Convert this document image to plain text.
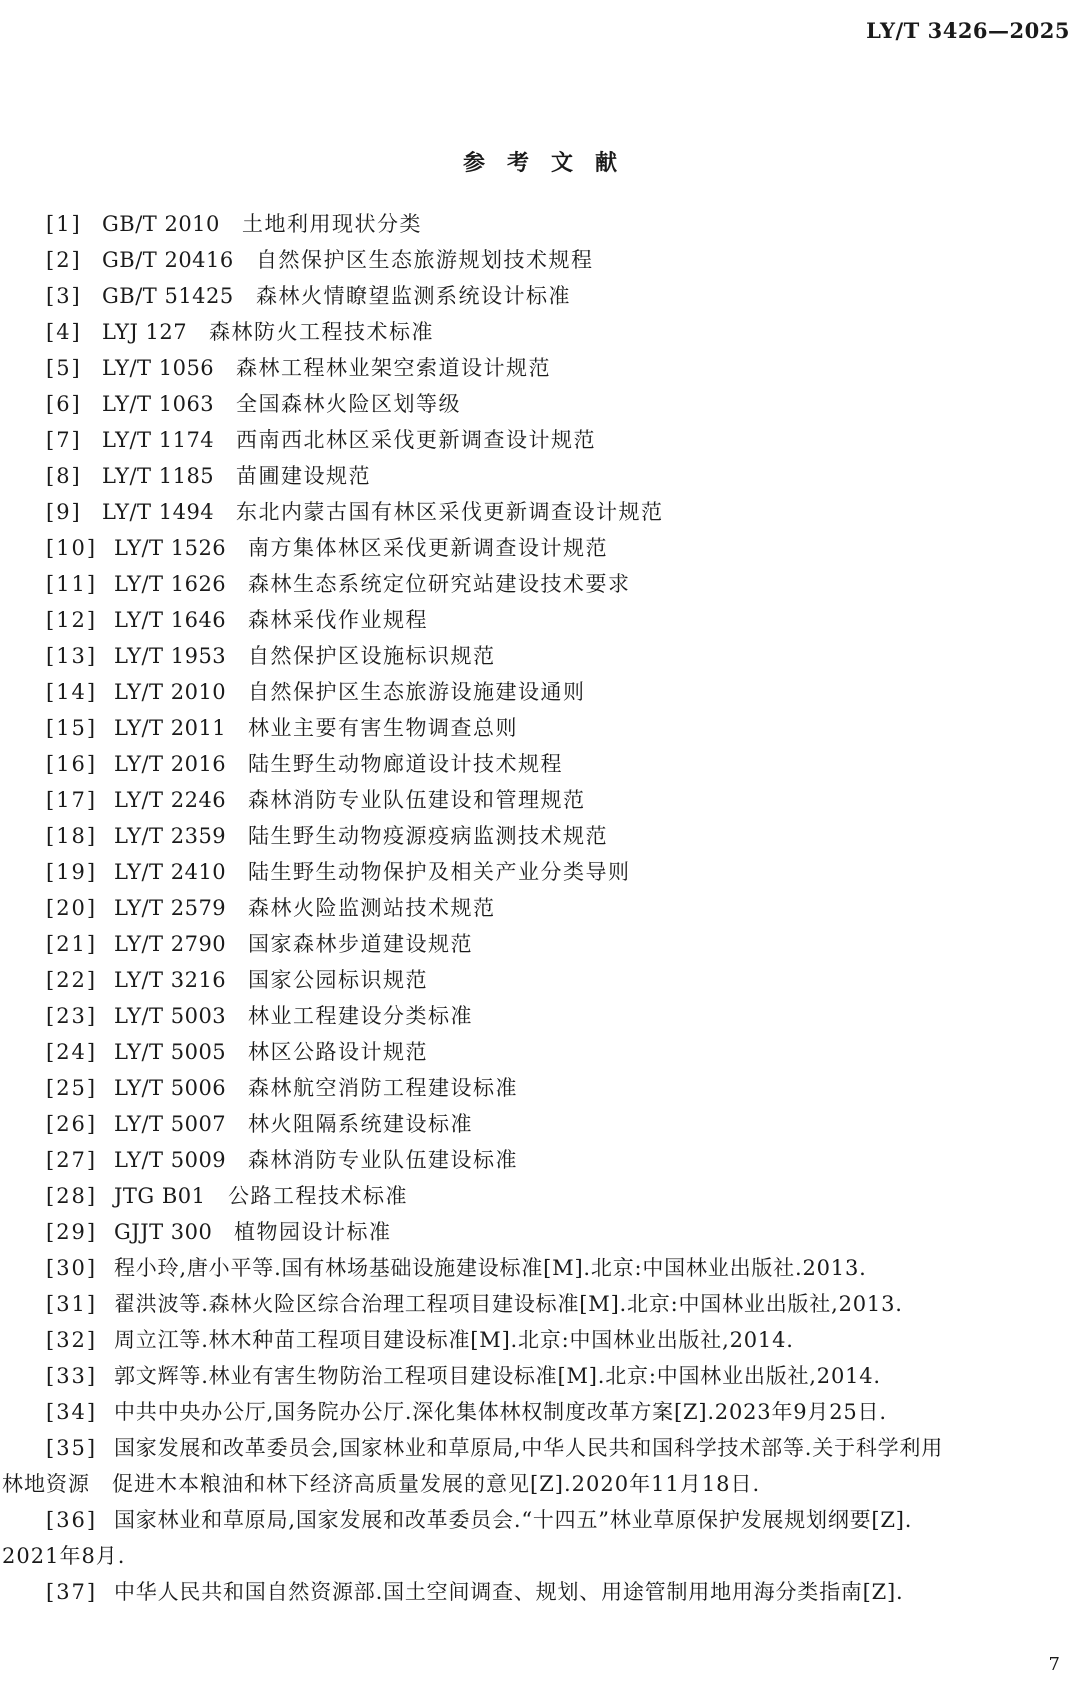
LY/T 3426—2025
参考文献
[1] GB/T 2010 土地利用现状分类
[2] GB/T 20416 自然保护区生态旅游规划技术规程
[3] GB/T 51425 森林火情瞭望监测系统设计标准
[4] LYJ 127 森林防火工程技术标准
[5] LY/T 1056 森林工程林业架空索道设计规范
[6] LY/T 1063 全国森林火险区划等级
[7] LY/T 1174 西南西北林区采伐更新调查设计规范
[8] LY/T 1185 苗圃建设规范
[9] LY/T 1494 东北内蒙古国有林区采伐更新调查设计规范
[10] LY/T 1526 南方集体林区采伐更新调查设计规范
[11] LY/T 1626 森林生态系统定位研究站建设技术要求
[12] LY/T 1646 森林采伐作业规程
[13] LY/T 1953 自然保护区设施标识规范
[14] LY/T 2010 自然保护区生态旅游设施建设通则
[15] LY/T 2011 林业主要有害生物调查总则
[16] LY/T 2016 陆生野生动物廊道设计技术规程
[17] LY/T 2246 森林消防专业队伍建设和管理规范
[18] LY/T 2359 陆生野生动物疫源疫病监测技术规范
[19] LY/T 2410 陆生野生动物保护及相关产业分类导则
[20] LY/T 2579 森林火险监测站技术规范
[21] LY/T 2790 国家森林步道建设规范
[22] LY/T 3216 国家公园标识规范
[23] LY/T 5003 林业工程建设分类标准
[24] LY/T 5005 林区公路设计规范
[25] LY/T 5006 森林航空消防工程建设标准
[26] LY/T 5007 林火阻隔系统建设标准
[27] LY/T 5009 森林消防专业队伍建设标准
[28] JTG B01 公路工程技术标准
[29] GJJT 300 植物园设计标准
[30] 程小玲,唐小平等.国有林场基础设施建设标准[M].北京:中国林业出版社.2013.
[31] 翟洪波等.森林火险区综合治理工程项目建设标准[M].北京:中国林业出版社,2013.
[32] 周立江等.林木种苗工程项目建设标准[M].北京:中国林业出版社,2014.
[33] 郭文辉等.林业有害生物防治工程项目建设标准[M].北京:中国林业出版社,2014.
[34] 中共中央办公厅,国务院办公厅.深化集体林权制度改革方案[Z].2023年9月25日.
[35] 国家发展和改革委员会,国家林业和草原局,中华人民共和国科学技术部等.关于科学利用
林地资源　促进木本粮油和林下经济高质量发展的意见[Z].2020年11月18日.
[36] 国家林业和草原局,国家发展和改革委员会.“十四五”林业草原保护发展规划纲要[Z].
2021年8月.
[37] 中华人民共和国自然资源部.国土空间调查、规划、用途管制用地用海分类指南[Z].
7
